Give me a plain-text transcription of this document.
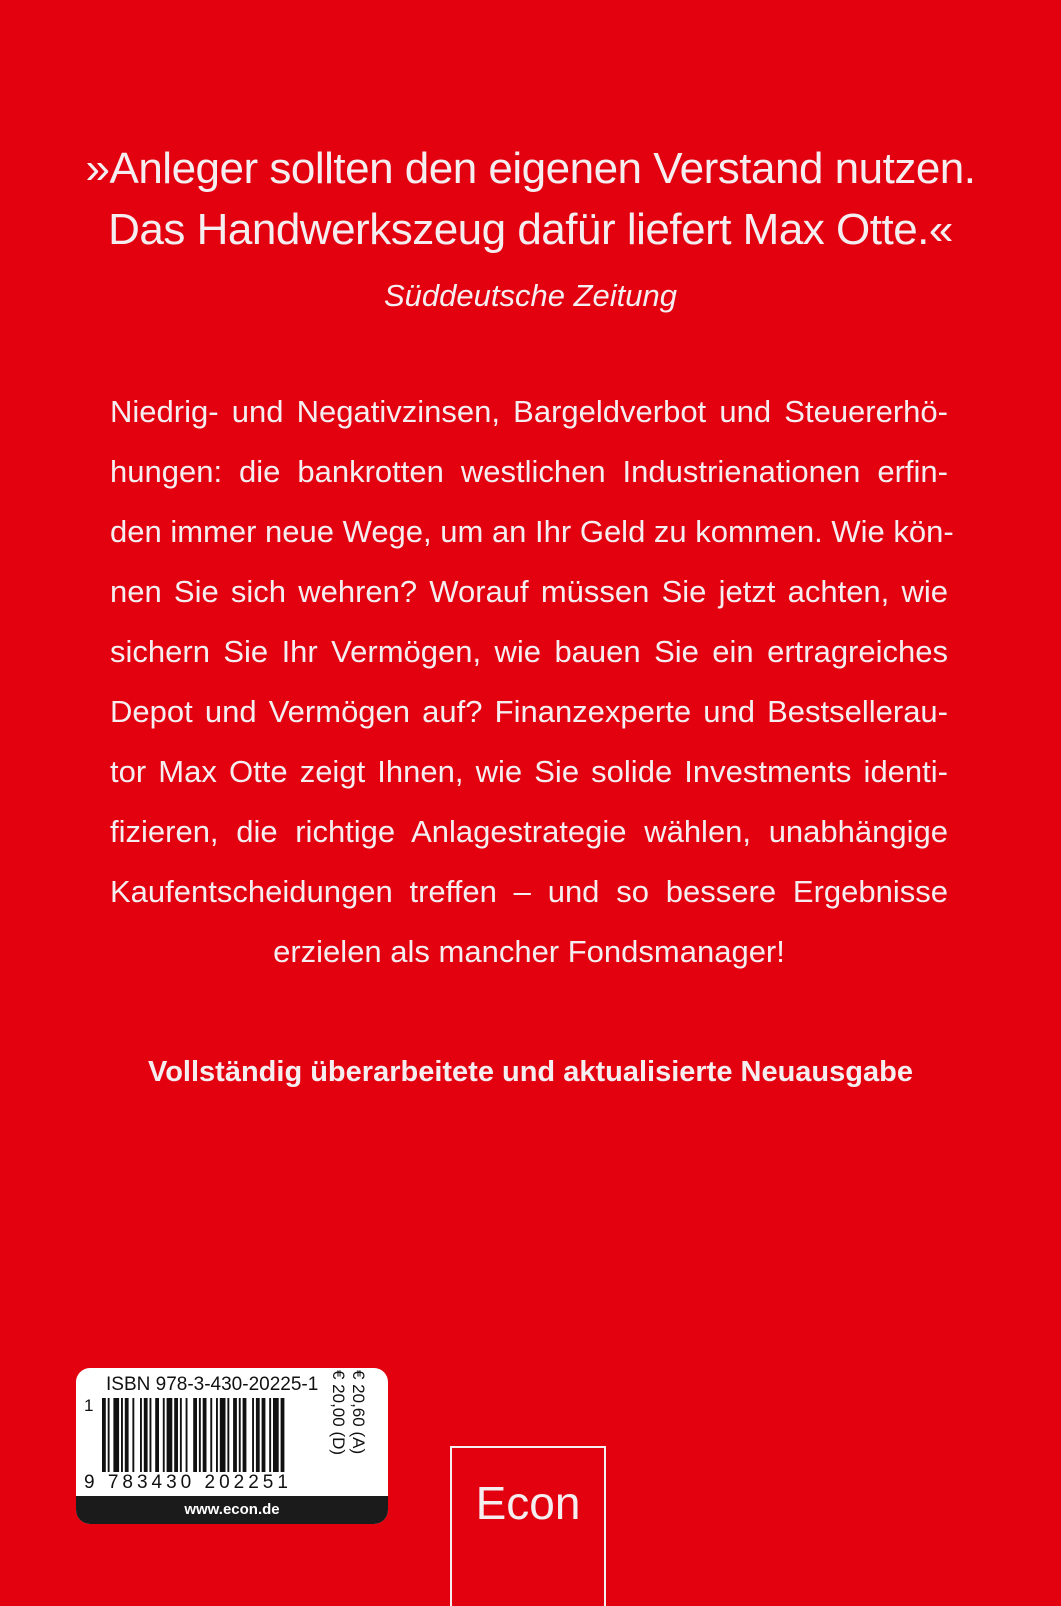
»Anleger sollten den eigenen Verstand nutzen.
Das Handwerkszeug dafür liefert Max Otte.«
Süddeutsche Zeitung
Niedrig- und Negativzinsen, Bargeldverbot und Steuererhö-
hungen: die bankrotten westlichen Industrienationen erfin-
den immer neue Wege, um an Ihr Geld zu kommen. Wie kön-
nen Sie sich wehren? Worauf müssen Sie jetzt achten, wie
sichern Sie Ihr Vermögen, wie bauen Sie ein ertragreiches
Depot und Vermögen auf? Finanzexperte und Bestsellerau-
tor Max Otte zeigt Ihnen, wie Sie solide Investments identi-
fizieren, die richtige Anlagestrategie wählen, unabhängige
Kaufentscheidungen treffen – und so bessere Ergebnisse
erzielen als mancher Fondsmanager!
Vollständig überarbeitete und aktualisierte Neuausgabe
ISBN 978-3-430-20225-1
1
9 783430 202251
www.econ.de
€ 20,00 (D) € 20,60 (A)
Econ
